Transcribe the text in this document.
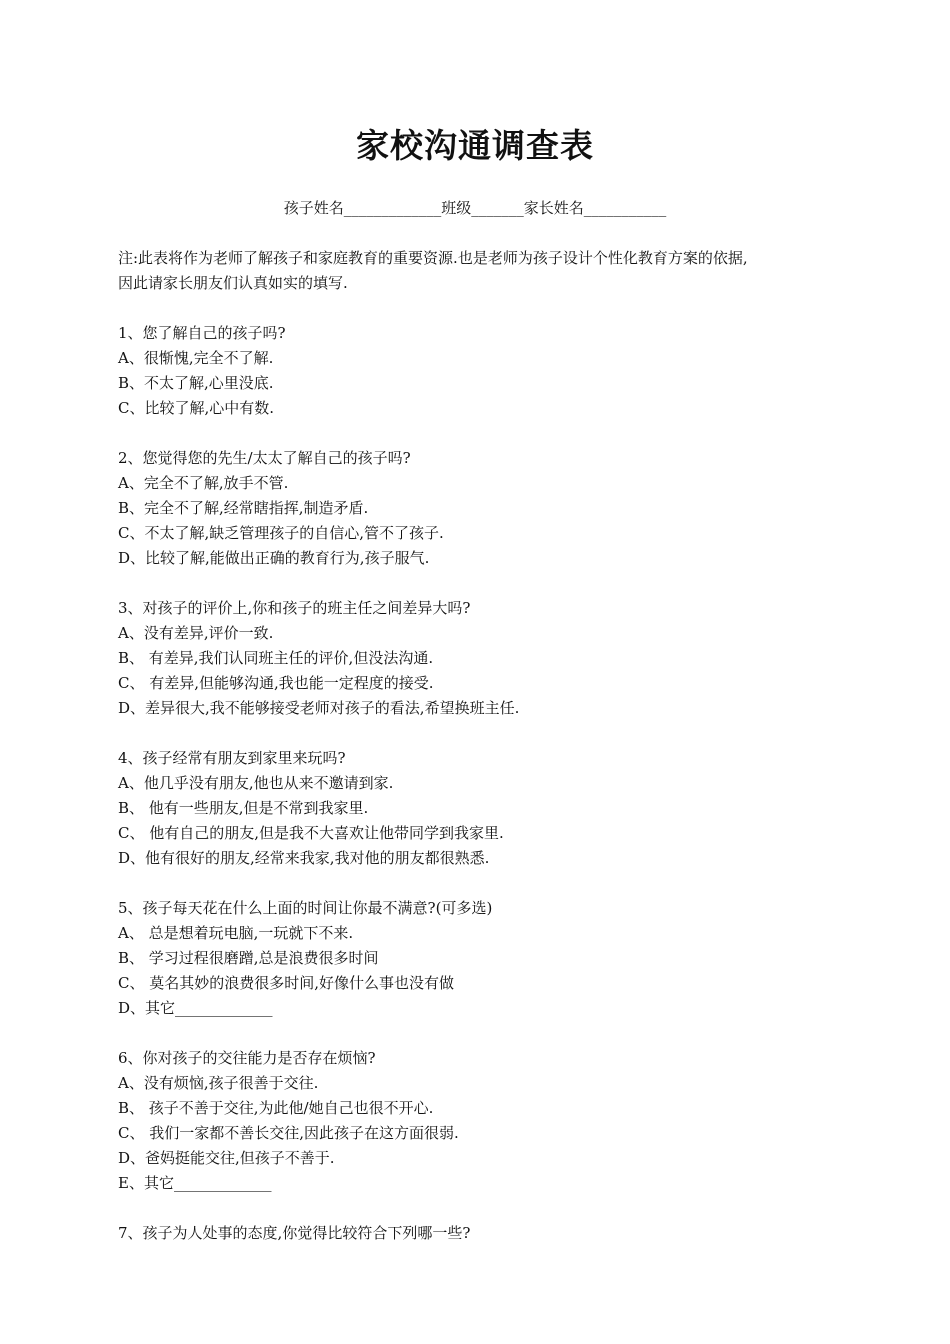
家校沟通调查表
孩子姓名_____________班级_______家长姓名___________
注:此表将作为老师了解孩子和家庭教育的重要资源.也是老师为孩子设计个性化教育方案的依据,
因此请家长朋友们认真如实的填写.
1、您了解自己的孩子吗?
A、很惭愧,完全不了解.
B、不太了解,心里没底.
C、比较了解,心中有数.
2、您觉得您的先生/太太了解自己的孩子吗?
A、完全不了解,放手不管.
B、完全不了解,经常瞎指挥,制造矛盾.
C、不太了解,缺乏管理孩子的自信心,管不了孩子.
D、比较了解,能做出正确的教育行为,孩子服气.
3、对孩子的评价上,你和孩子的班主任之间差异大吗?
A、没有差异,评价一致.
B、 有差异,我们认同班主任的评价,但没法沟通.
C、 有差异,但能够沟通,我也能一定程度的接受.
D、差异很大,我不能够接受老师对孩子的看法,希望换班主任.
4、孩子经常有朋友到家里来玩吗?
A、他几乎没有朋友,他也从来不邀请到家.
B、 他有一些朋友,但是不常到我家里.
C、 他有自己的朋友,但是我不大喜欢让他带同学到我家里.
D、他有很好的朋友,经常来我家,我对他的朋友都很熟悉.
5、孩子每天花在什么上面的时间让你最不满意?(可多选)
A、 总是想着玩电脑,一玩就下不来.
B、 学习过程很磨蹭,总是浪费很多时间
C、 莫名其妙的浪费很多时间,好像什么事也没有做
D、其它_____________
6、你对孩子的交往能力是否存在烦恼?
A、没有烦恼,孩子很善于交往.
B、 孩子不善于交往,为此他/她自己也很不开心.
C、 我们一家都不善长交往,因此孩子在这方面很弱.
D、爸妈挺能交往,但孩子不善于.
E、其它_____________
7、孩子为人处事的态度,你觉得比较符合下列哪一些?
